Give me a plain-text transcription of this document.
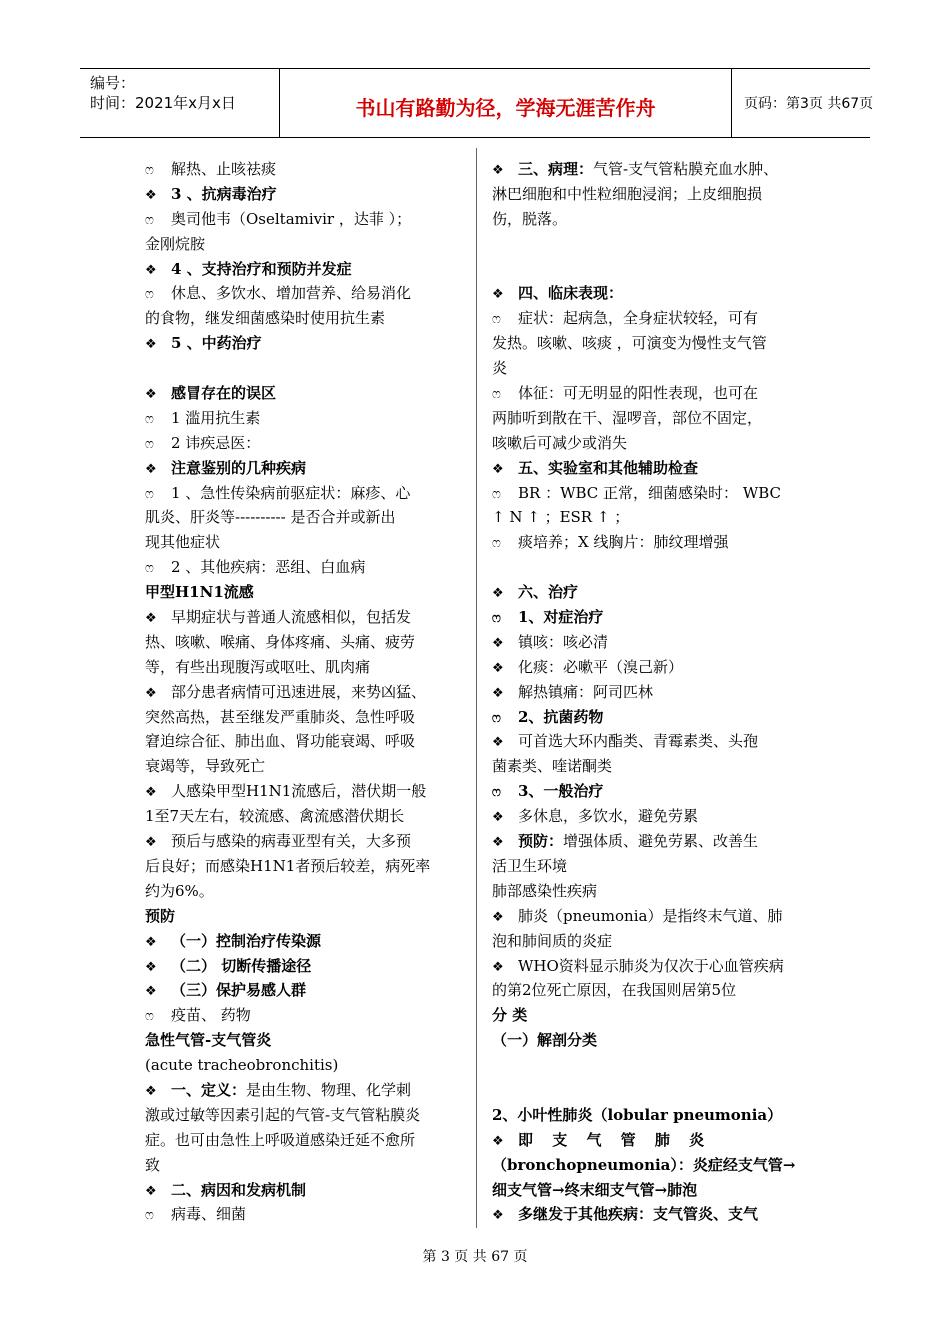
编号：
时间：2021年x月x日	书山有路勤为径，学海无涯苦作舟	页码：第3页 共67页
ෆ 解热、止咳祛痰
❖ 3 、抗病毒治疗
ෆ 奥司他韦（Oseltamivir ，达菲 ）；
金刚烷胺
❖ 4 、支持治疗和预防并发症
ෆ 休息、多饮水、增加营养、给易消化
的食物，继发细菌感染时使用抗生素
❖ 5 、中药治疗
❖ 感冒存在的误区
ෆ 1 滥用抗生素
ෆ 2 讳疾忌医：
❖ 注意鉴别的几种疾病
ෆ 1 、急性传染病前驱症状：麻疹、心
肌炎、肝炎等---------- 是否合并或新出
现其他症状
ෆ 2 、其他疾病：恶组、白血病
甲型H1N1流感
❖ 早期症状与普通人流感相似，包括发
热、咳嗽、喉痛、身体疼痛、头痛、疲劳
等，有些出现腹泻或呕吐、肌肉痛
❖ 部分患者病情可迅速进展，来势凶猛、
突然高热，甚至继发严重肺炎、急性呼吸
窘迫综合征、肺出血、肾功能衰竭、呼吸
衰竭等，导致死亡
❖ 人感染甲型H1N1流感后，潜伏期一般
1至7天左右，较流感、禽流感潜伏期长
❖ 预后与感染的病毒亚型有关，大多预
后良好；而感染H1N1者预后较差，病死率
约为6%。
预防
❖ （一）控制治疗传染源
❖ （二） 切断传播途径
❖ （三）保护易感人群
ෆ 疫苗、 药物
急性气管-支气管炎
(acute tracheobronchitis)
❖ 一、定义：是由生物、物理、化学刺
激或过敏等因素引起的气管-支气管粘膜炎
症。也可由急性上呼吸道感染迁延不愈所
致
❖ 二、病因和发病机制
ෆ 病毒、细菌
❖ 三、病理：气管-支气管粘膜充血水肿、
淋巴细胞和中性粒细胞浸润；上皮细胞损
伤，脱落。
❖ 四、临床表现：
ෆ 症状：起病急，全身症状较轻，可有
发热。咳嗽、咳痰 ，可演变为慢性支气管
炎
ෆ 体征：可无明显的阳性表现，也可在
两肺听到散在干、湿啰音，部位不固定，
咳嗽后可减少或消失
❖ 五、实验室和其他辅助检查
ෆ BR ：WBC 正常，细菌感染时： WBC
↑ N ↑ ；ESR ↑ ；
ෆ 痰培养；X 线胸片：肺纹理增强
❖ 六、治疗
ෆ 1、对症治疗
❖ 镇咳：咳必清
❖ 化痰：必嗽平（溴己新）
❖ 解热镇痛：阿司匹林
ෆ 2、抗菌药物
❖ 可首选大环内酯类、青霉素类、头孢
菌素类、喹诺酮类
ෆ 3、一般治疗
❖ 多休息，多饮水，避免劳累
❖ 预防：增强体质、避免劳累、改善生
活卫生环境
肺部感染性疾病
❖ 肺炎（pneumonia）是指终末气道、肺
泡和肺间质的炎症
❖ WHO资料显示肺炎为仅次于心血管疾病
的第2位死亡原因，在我国则居第5位
分 类
（一）解剖分类
2、小叶性肺炎（lobular pneumonia）
❖ 即 支 气 管 肺 炎
（bronchopneumonia）：炎症经支气管→
细支气管→终末细支气管→肺泡
❖ 多继发于其他疾病：支气管炎、支气
第 3 页 共 67 页
